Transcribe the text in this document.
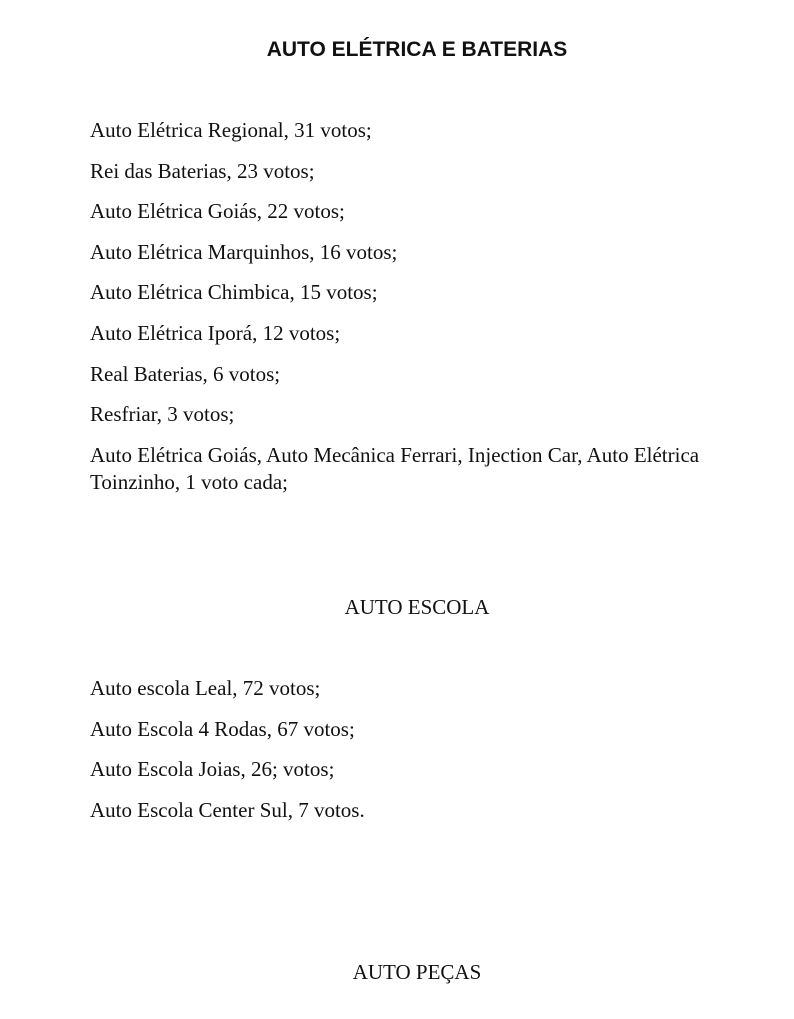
AUTO ELÉTRICA E BATERIAS
Auto Elétrica Regional, 31 votos;
Rei das Baterias, 23 votos;
Auto Elétrica Goiás, 22 votos;
Auto Elétrica Marquinhos, 16 votos;
Auto Elétrica Chimbica, 15 votos;
Auto Elétrica Iporá, 12 votos;
Real Baterias, 6 votos;
Resfriar, 3 votos;
Auto Elétrica Goiás, Auto Mecânica Ferrari, Injection Car, Auto Elétrica Toinzinho, 1 voto cada;
AUTO ESCOLA
Auto escola Leal, 72 votos;
Auto Escola 4 Rodas, 67 votos;
Auto Escola Joias, 26; votos;
Auto Escola Center Sul, 7 votos.
AUTO PEÇAS
